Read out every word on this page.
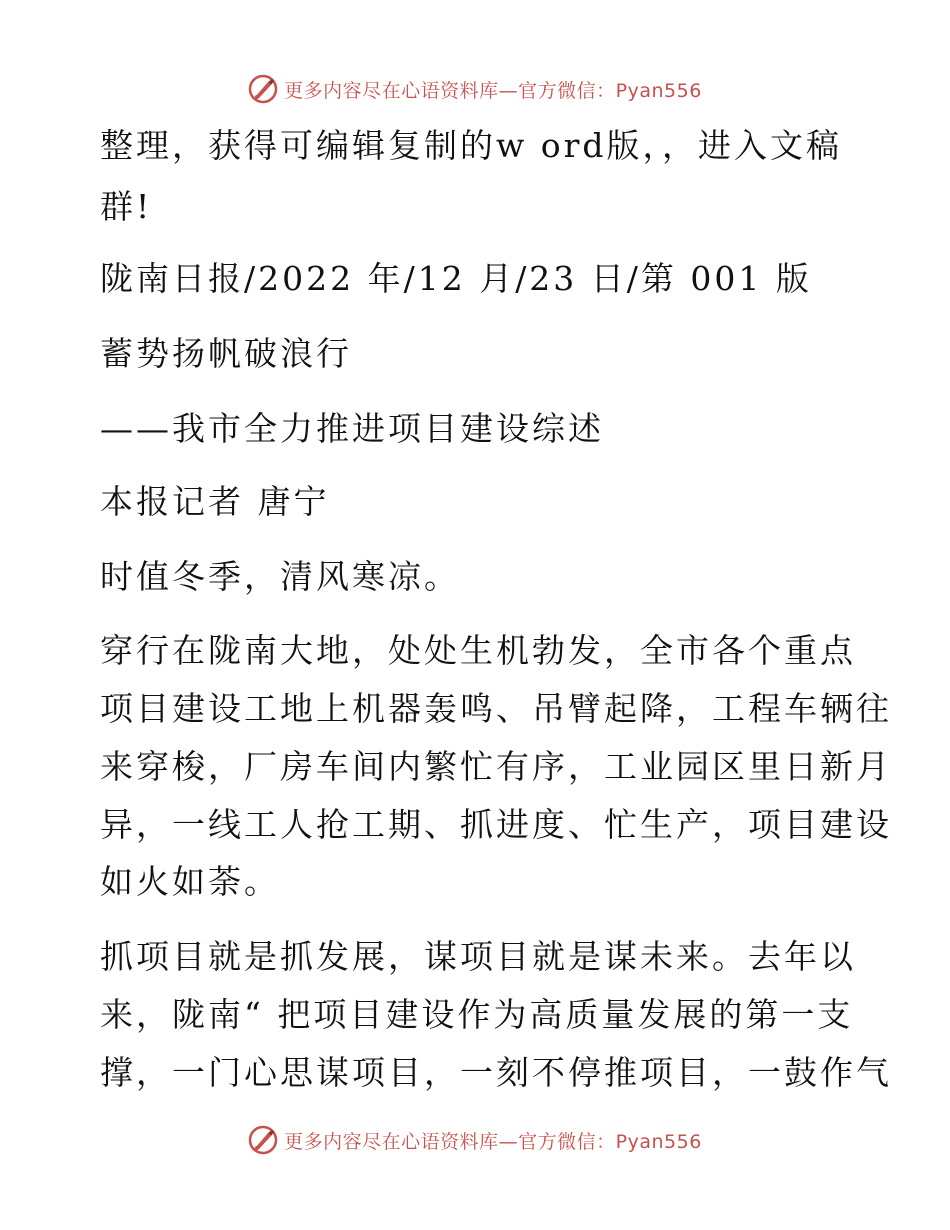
更多内容尽在心语资料库—官方微信：Pyan556
整理，获得可编辑复制的w ord版，，进入文稿
群!
陇南日报/2022 年/12 月/23 日/第 001 版
蓄势扬帆破浪行
——我市全力推进项目建设综述
本报记者 唐宁
时值冬季，清风寒凉。
穿行在陇南大地，处处生机勃发，全市各个重点
项目建设工地上机器轰鸣、吊臂起降，工程车辆往
来穿梭，厂房车间内繁忙有序，工业园区里日新月
异，一线工人抢工期、抓进度、忙生产，项目建设
如火如荼。
抓项目就是抓发展，谋项目就是谋未来。去年以
来，陇南“ 把项目建设作为高质量发展的第一支
撑，一门心思谋项目，一刻不停推项目，一鼓作气
更多内容尽在心语资料库—官方微信：Pyan556
